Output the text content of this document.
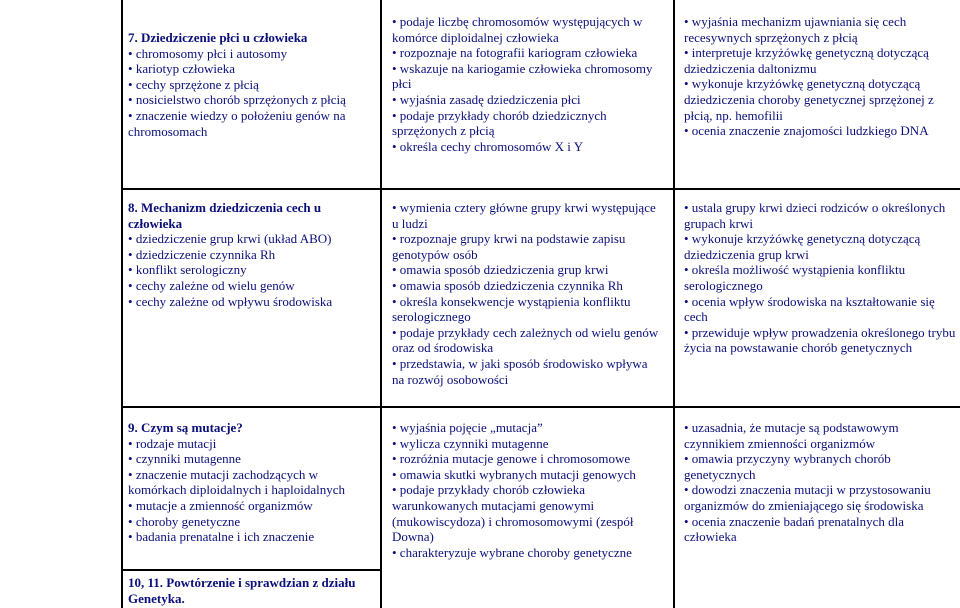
7. Dziedziczenie płci u człowieka
• chromosomy płci i autosomy
• kariotyp człowieka
• cechy sprzężone z płcią
• nosicielstwo chorób sprzężonych z płcią
• znaczenie wiedzy o położeniu genów na chromosomach
• podaje liczbę chromosomów występujących w komórce diploidalnej człowieka
• rozpoznaje na fotografii kariogram człowieka
• wskazuje na kariogamie człowieka chromosomy płci
• wyjaśnia zasadę dziedziczenia płci
• podaje przykłady chorób dziedzicznych sprzężonych z płcią
• określa cechy chromosomów X i Y
• wyjaśnia mechanizm ujawniania się cech recesywnych sprzężonych z płcią
• interpretuje krzyżówkę genetyczną dotyczącą dziedziczenia daltonizmu
• wykonuje krzyżówkę genetyczną dotyczącą dziedziczenia choroby genetycznej sprzężonej z płcią, np. hemofilii
• ocenia znaczenie znajomości ludzkiego DNA
8. Mechanizm dziedziczenia cech u człowieka
• dziedziczenie grup krwi (układ ABO)
• dziedziczenie czynnika Rh
• konflikt serologiczny
• cechy zależne od wielu genów
• cechy zależne od wpływu środowiska
• wymienia cztery główne grupy krwi występujące u ludzi
• rozpoznaje grupy krwi na podstawie zapisu genotypów osób
• omawia sposób dziedziczenia grup krwi
• omawia sposób dziedziczenia czynnika Rh
• określa konsekwencje wystąpienia konfliktu serologicznego
• podaje przykłady cech zależnych od wielu genów oraz od środowiska
• przedstawia, w jaki sposób środowisko wpływa na rozwój osobowości
• ustala grupy krwi dzieci rodziców o określonych grupach krwi
• wykonuje krzyżówkę genetyczną dotyczącą dziedziczenia grup krwi
• określa możliwość wystąpienia konfliktu serologicznego
• ocenia wpływ środowiska na kształtowanie się cech
• przewiduje wpływ prowadzenia określonego trybu życia na powstawanie chorób genetycznych
9. Czym są mutacje?
• rodzaje mutacji
• czynniki mutagenne
• znaczenie mutacji zachodzących w komórkach diploidalnych i haploidalnych
• mutacje a zmienność organizmów
• choroby genetyczne
• badania prenatalne i ich znaczenie
• wyjaśnia pojęcie „mutacja”
• wylicza czynniki mutagenne
• rozróżnia mutacje genowe i chromosomowe
• omawia skutki wybranych mutacji genowych
• podaje przykłady chorób człowieka warunkowanych mutacjami genowymi (mukowiscydoza) i chromosomowymi (zespół Downa)
• charakteryzuje wybrane choroby genetyczne
• uzasadnia, że mutacje są podstawowym czynnikiem zmienności organizmów
• omawia przyczyny wybranych chorób genetycznych
• dowodzi znaczenia mutacji w przystosowaniu organizmów do zmieniającego się środowiska
• ocenia znaczenie badań prenatalnych dla człowieka
10, 11. Powtórzenie i sprawdzian z działu Genetyka.
